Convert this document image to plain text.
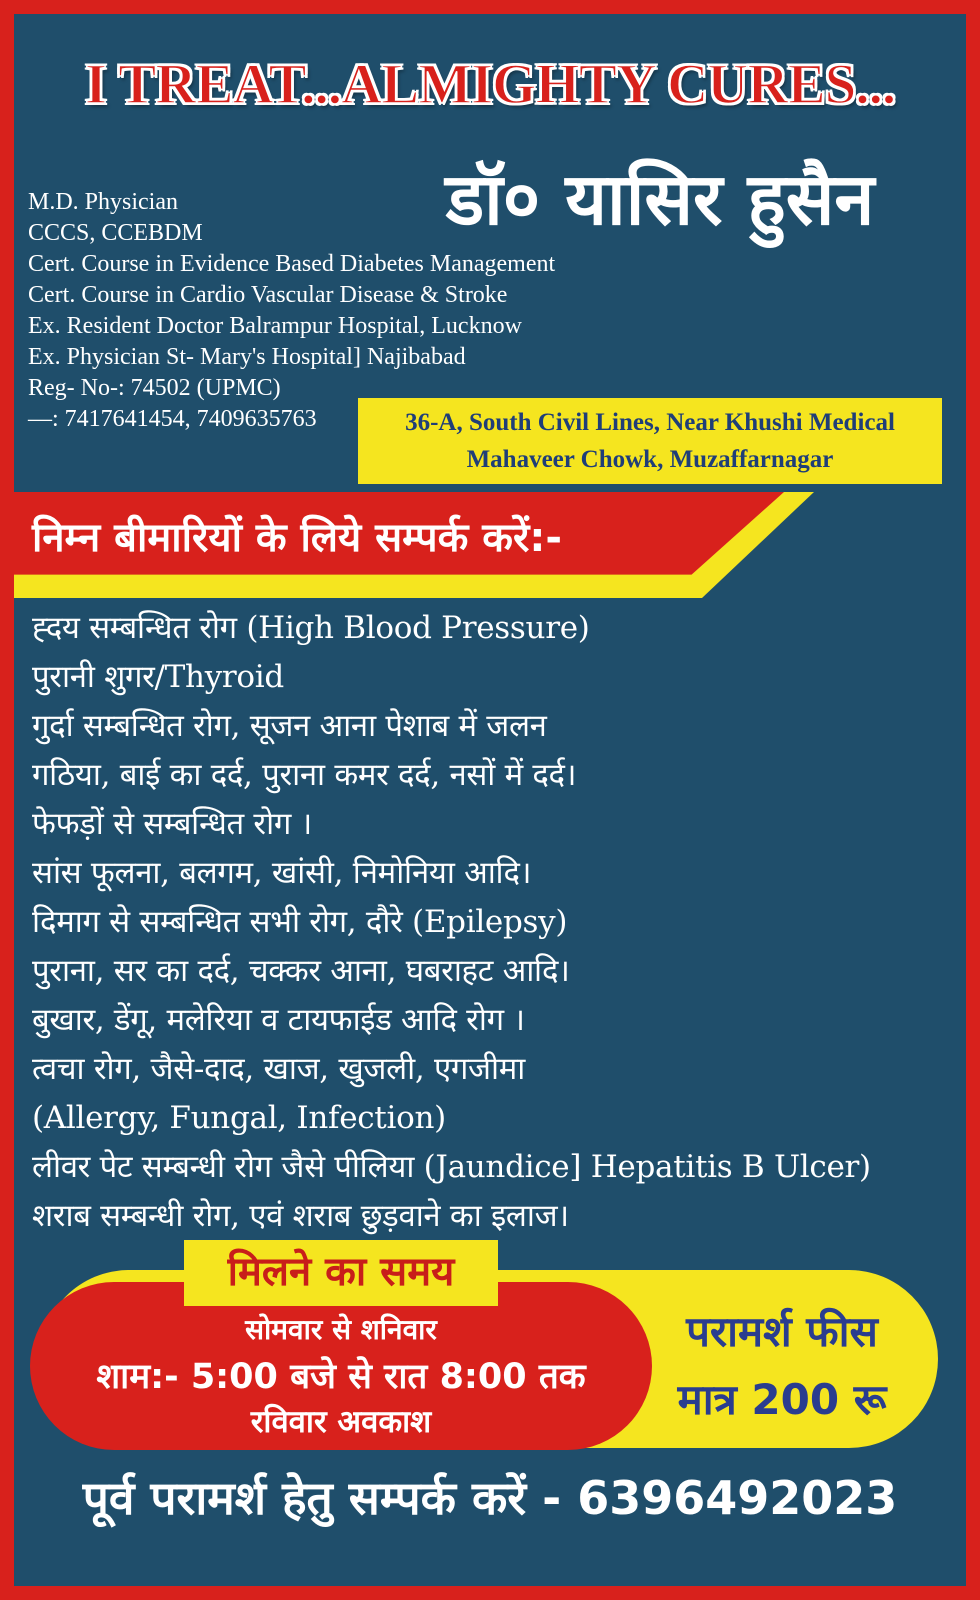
I TREAT...ALMIGHTY CURES...
डॉ० यासिर हुसैन
M.D. Physician
CCCS, CCEBDM
Cert. Course in Evidence Based Diabetes Management
Cert. Course in Cardio Vascular Disease & Stroke
Ex. Resident Doctor Balrampur Hospital, Lucknow
Ex. Physician St- Mary's Hospital] Najibabad
Reg- No-: 74502 (UPMC)
—: 7417641454, 7409635763	36-A, South Civil Lines, Near Khushi Medical
Mahaveer Chowk, Muzaffarnagar
निम्न बीमारियों के लिये सम्पर्क करें:-
ह्दय सम्बन्धित रोग (High Blood Pressure)
पुरानी शुगर/Thyroid
गुर्दा सम्बन्धित रोग, सूजन आना पेशाब में जलन
गठिया, बाई का दर्द, पुराना कमर दर्द, नसों में दर्द।
फेफड़ों से सम्बन्धित रोग ।
सांस फूलना, बलगम, खांसी, निमोनिया आदि।
दिमाग से सम्बन्धित सभी रोग, दौरे (Epilepsy)
पुराना, सर का दर्द, चक्कर आना, घबराहट आदि।
बुखार, डेंगू, मलेरिया व टायफाईड आदि रोग ।
त्वचा रोग, जैसे-दाद, खाज, खुजली, एगजीमा
(Allergy, Fungal, Infection)
लीवर पेट सम्बन्धी रोग जैसे पीलिया (Jaundice] Hepatitis B Ulcer)
शराब सम्बन्धी रोग, एवं शराब छुड़वाने का इलाज।
मिलने का समय
सोमवार से शनिवार
शाम:- 5:00 बजे से रात 8:00 तक
रविवार अवकाश
परामर्श फीस
मात्र 200 रू
पूर्व परामर्श हेतु सम्पर्क करें - 6396492023
